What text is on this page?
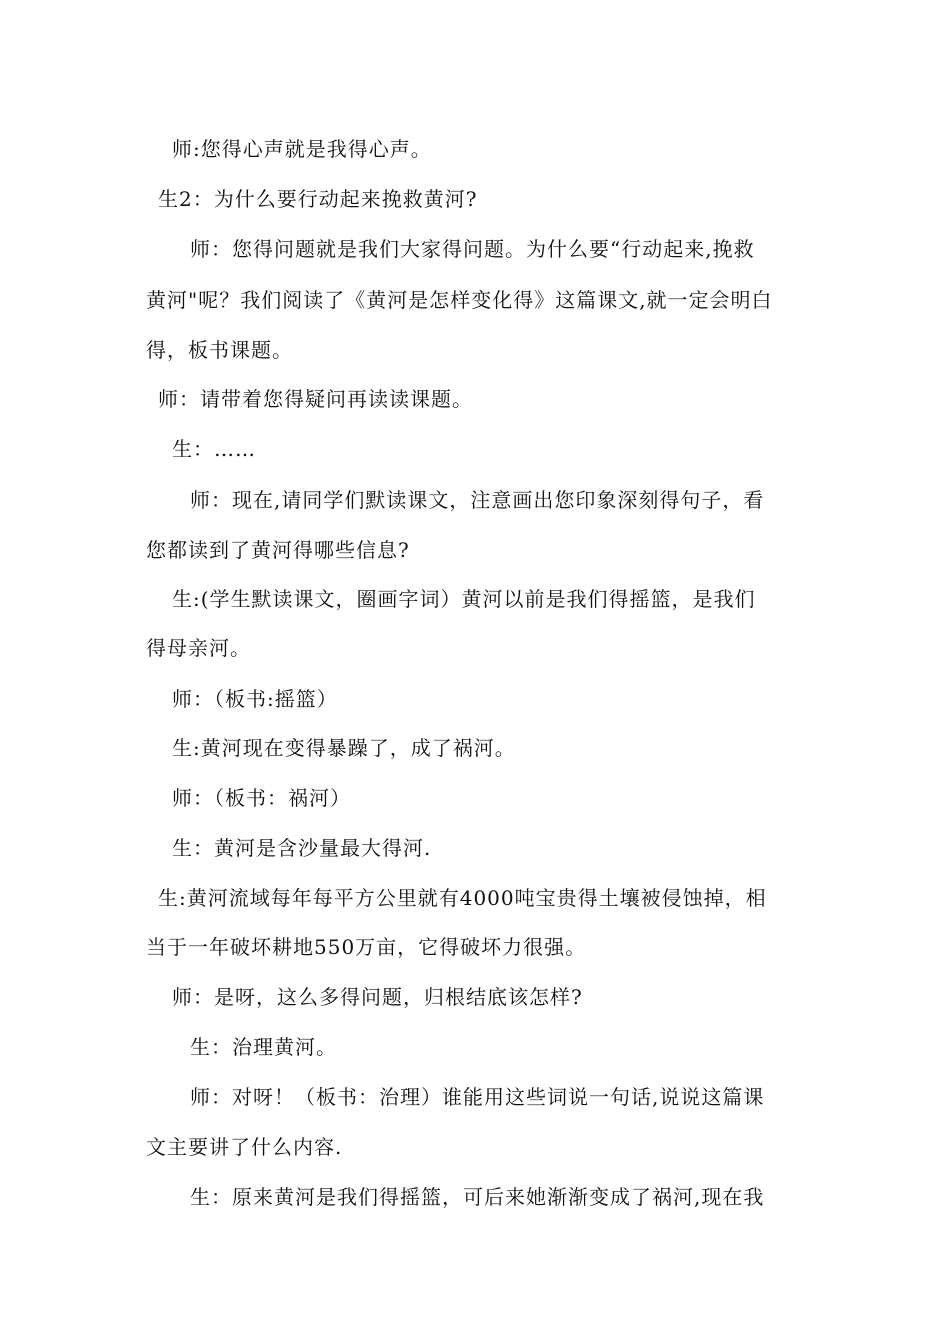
师:您得心声就是我得心声。
生2：为什么要行动起来挽救黄河?
师：您得问题就是我们大家得问题。为什么要“行动起来,挽救
黄河"呢？我们阅读了《黄河是怎样变化得》这篇课文,就一定会明白
得，板书课题。
师：请带着您得疑问再读读课题。
生：……
师：现在,请同学们默读课文，注意画出您印象深刻得句子，看
您都读到了黄河得哪些信息?
生:(学生默读课文，圈画字词）黄河以前是我们得摇篮，是我们
得母亲河。
师：（板书:摇篮）
生:黄河现在变得暴躁了，成了祸河。
师：（板书：祸河）
生：黄河是含沙量最大得河.
生:黄河流域每年每平方公里就有4000吨宝贵得土壤被侵蚀掉，相
当于一年破坏耕地550万亩，它得破坏力很强。
师：是呀，这么多得问题，归根结底该怎样?
生：治理黄河。
师：对呀！（板书：治理）谁能用这些词说一句话,说说这篇课
文主要讲了什么内容.
生：原来黄河是我们得摇篮，可后来她渐渐变成了祸河,现在我
